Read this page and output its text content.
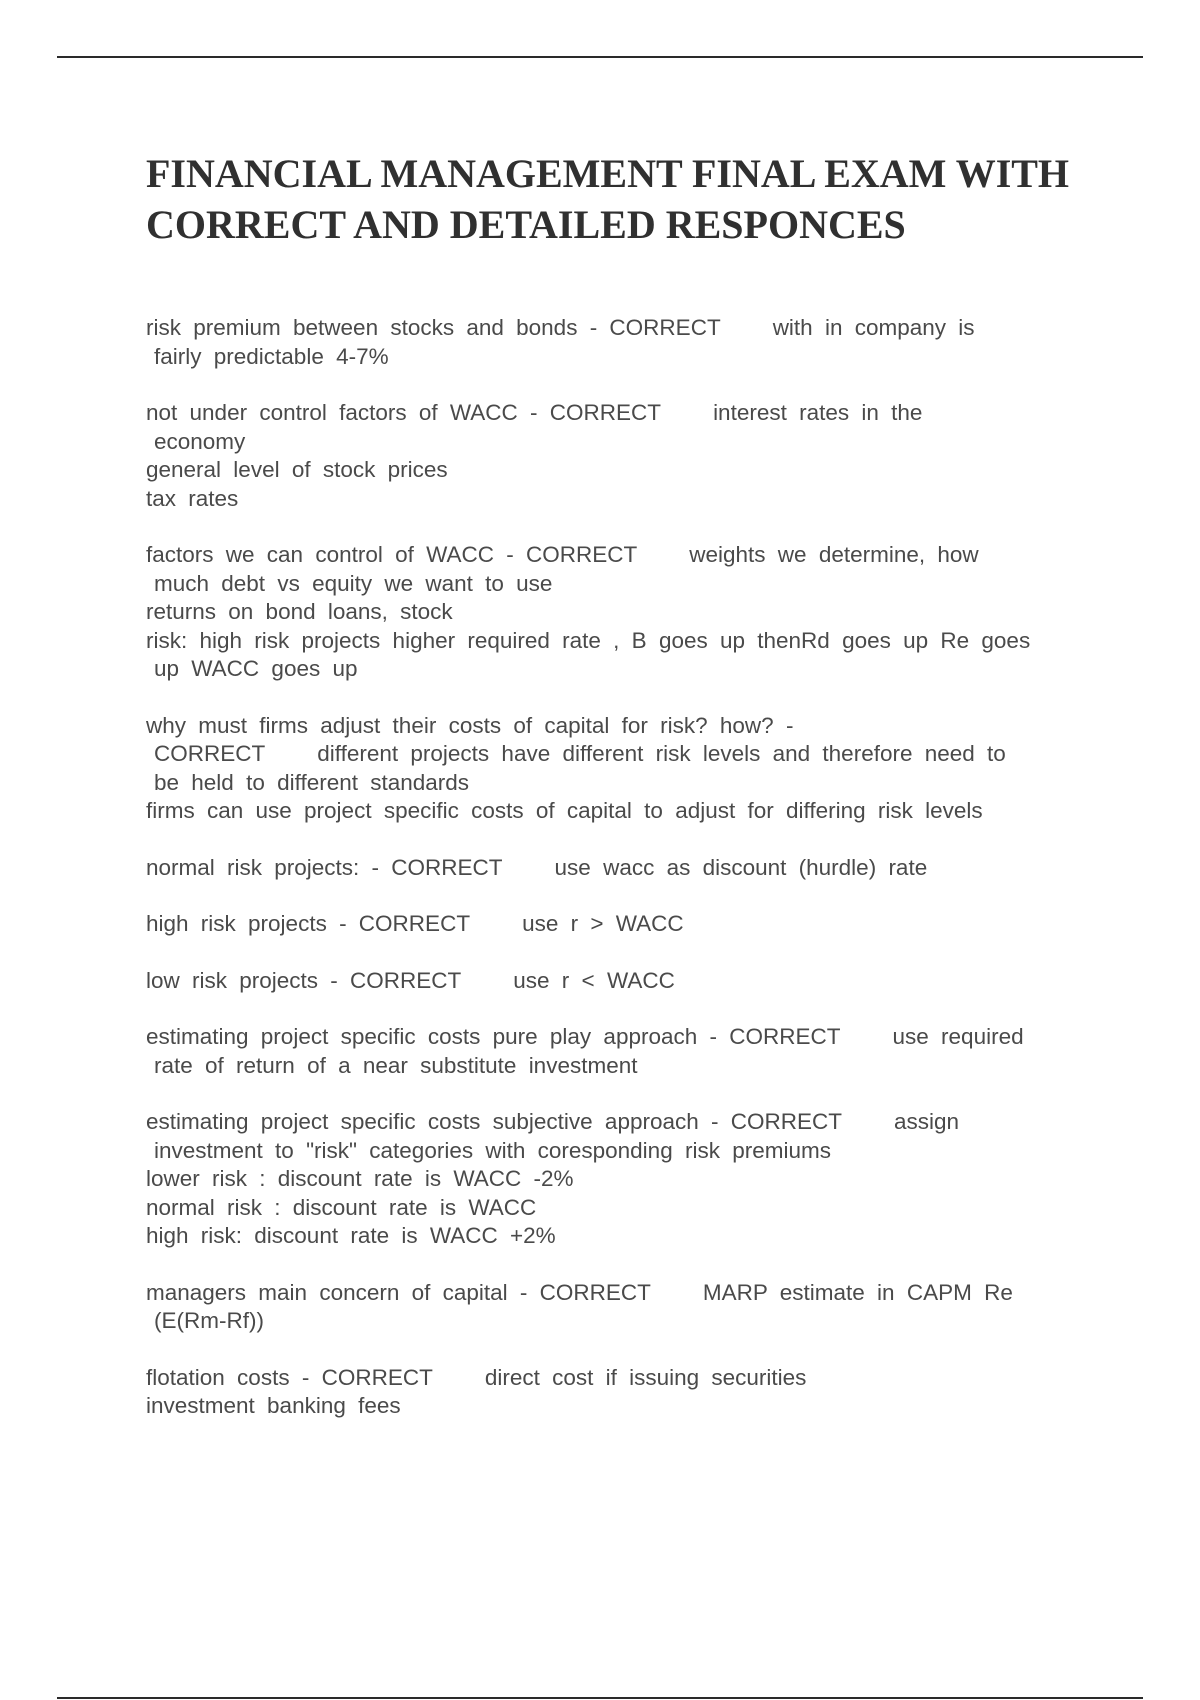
FINANCIAL MANAGEMENT FINAL EXAM WITH CORRECT AND DETAILED RESPONCES

risk premium between stocks and bonds - CORRECT with in company is

fairly predictable 4-7%

not under control factors of WACC - CORRECT interest rates in the

economy

general level of stock prices

tax rates

factors we can control of WACC - CORRECT weights we determine, how

much debt vs equity we want to use

returns on bond loans, stock

risk: high risk projects higher required rate , B goes up thenRd goes up Re goes

up WACC goes up

why must firms adjust their costs of capital for risk? how? -

CORRECT different projects have different risk levels and therefore need to

be held to different standards

firms can use project specific costs of capital to adjust for differing risk levels

normal risk projects: - CORRECT use wacc as discount (hurdle) rate

high risk projects - CORRECT use r > WACC

low risk projects - CORRECT use r < WACC

estimating project specific costs pure play approach - CORRECT use required

rate of return of a near substitute investment

estimating project specific costs subjective approach - CORRECT assign

investment to "risk" categories with coresponding risk premiums

lower risk : discount rate is WACC -2%

normal risk : discount rate is WACC

high risk: discount rate is WACC +2%

managers main concern of capital - CORRECT MARP estimate in CAPM Re

(E(Rm-Rf))

flotation costs - CORRECT direct cost if issuing securities

investment banking fees
